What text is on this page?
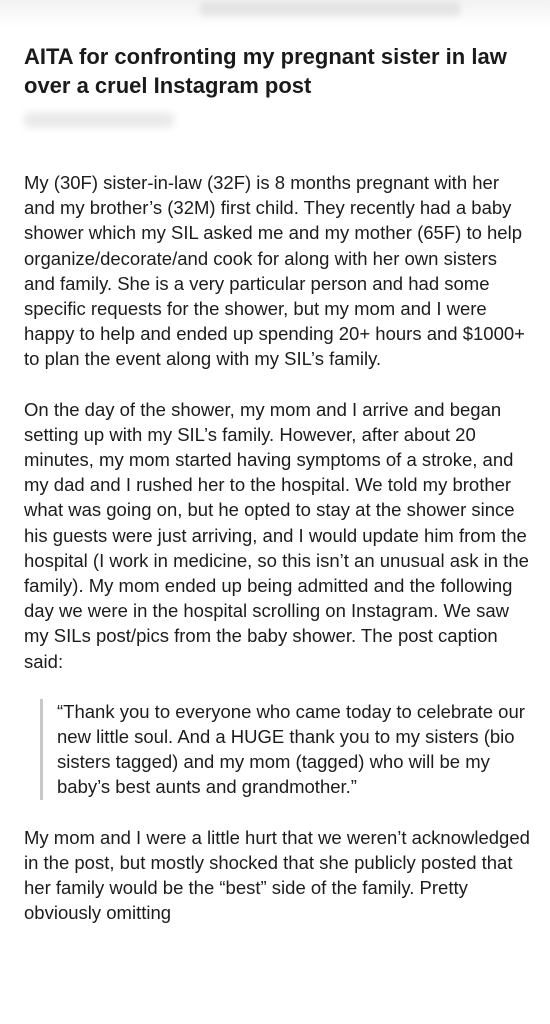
AITA for confronting my pregnant sister in law over a cruel Instagram post

My (30F) sister-in-law (32F) is 8 months pregnant with her and my brother’s (32M) first child. They recently had a baby shower which my SIL asked me and my mother (65F) to help organize/decorate/and cook for along with her own sisters and family. She is a very particular person and had some specific requests for the shower, but my mom and I were happy to help and ended up spending 20+ hours and $1000+ to plan the event along with my SIL’s family.

On the day of the shower, my mom and I arrive and began setting up with my SIL’s family. However, after about 20 minutes, my mom started having symptoms of a stroke, and my dad and I rushed her to the hospital. We told my brother what was going on, but he opted to stay at the shower since his guests were just arriving, and I would update him from the hospital (I work in medicine, so this isn’t an unusual ask in the family). My mom ended up being admitted and the following day we were in the hospital scrolling on Instagram. We saw my SILs post/pics from the baby shower. The post caption said:

“Thank you to everyone who came today to celebrate our new little soul. And a HUGE thank you to my sisters (bio sisters tagged) and my mom (tagged) who will be my baby’s best aunts and grandmother.”

My mom and I were a little hurt that we weren’t acknowledged in the post, but mostly shocked that she publicly posted that her family would be the “best” side of the family. Pretty obviously omitting
